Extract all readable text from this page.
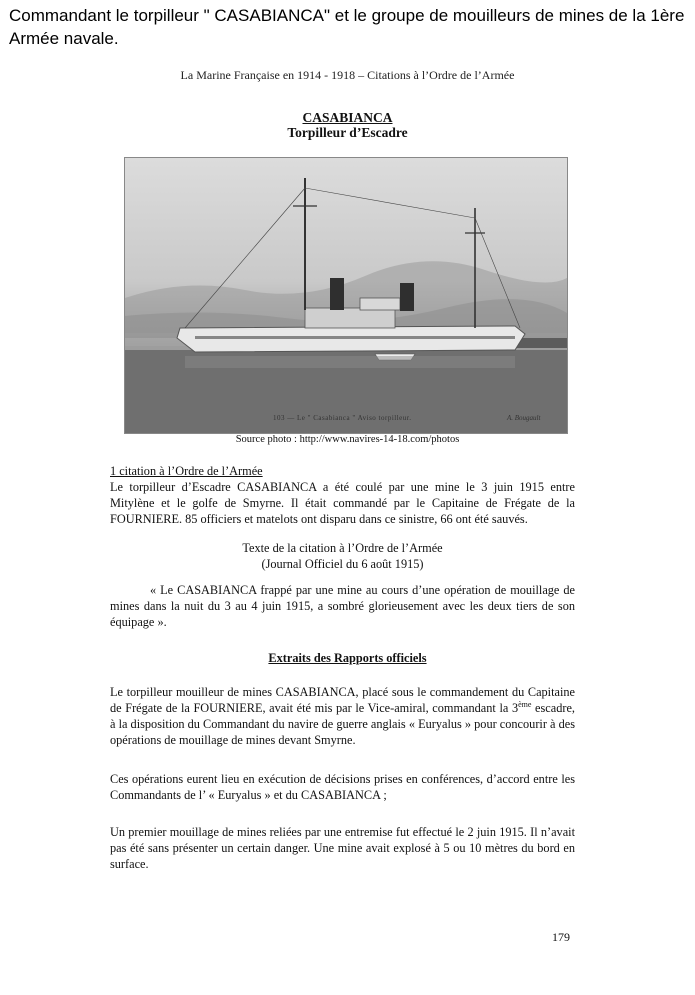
Commandant le torpilleur " CASABIANCA" et le groupe de mouilleurs de mines de la 1ère Armée navale.
La Marine Française en 1914 - 1918 – Citations à l’Ordre de l’Armée
CASABIANCA
Torpilleur d’Escadre
103 — Le " Casabianca " Aviso torpilleur.	A. Bougault
Source photo : http://www.navires-14-18.com/photos
1 citation à l’Ordre de l’Armée
Le torpilleur d’Escadre CASABIANCA a été coulé par une mine le 3 juin 1915 entre Mitylène et le golfe de Smyrne. Il était commandé par le Capitaine de Frégate de la FOURNIERE. 85 officiers et matelots ont disparu dans ce sinistre, 66 ont été sauvés.
Texte de la citation à l’Ordre de l’Armée
(Journal Officiel du 6 août 1915)
« Le CASABIANCA frappé par une mine au cours d’une opération de mouillage de mines dans la nuit du 3 au 4 juin 1915, a sombré glorieusement avec les deux tiers de son équipage ».
Extraits des Rapports officiels
Le torpilleur mouilleur de mines CASABIANCA, placé sous le commandement du Capitaine de Frégate de la FOURNIERE, avait été mis par le Vice-amiral, commandant la 3ème escadre, à la disposition du Commandant du navire de guerre anglais « Euryalus » pour concourir à des opérations de mouillage de mines devant Smyrne.
Ces opérations eurent lieu en exécution de décisions prises en conférences, d’accord entre les Commandants de l’ « Euryalus » et du CASABIANCA ;
Un premier mouillage de mines reliées par une entremise fut effectué le 2 juin 1915. Il n’avait pas été sans présenter un certain danger. Une mine avait explosé à 5 ou 10 mètres du bord en surface.
179
